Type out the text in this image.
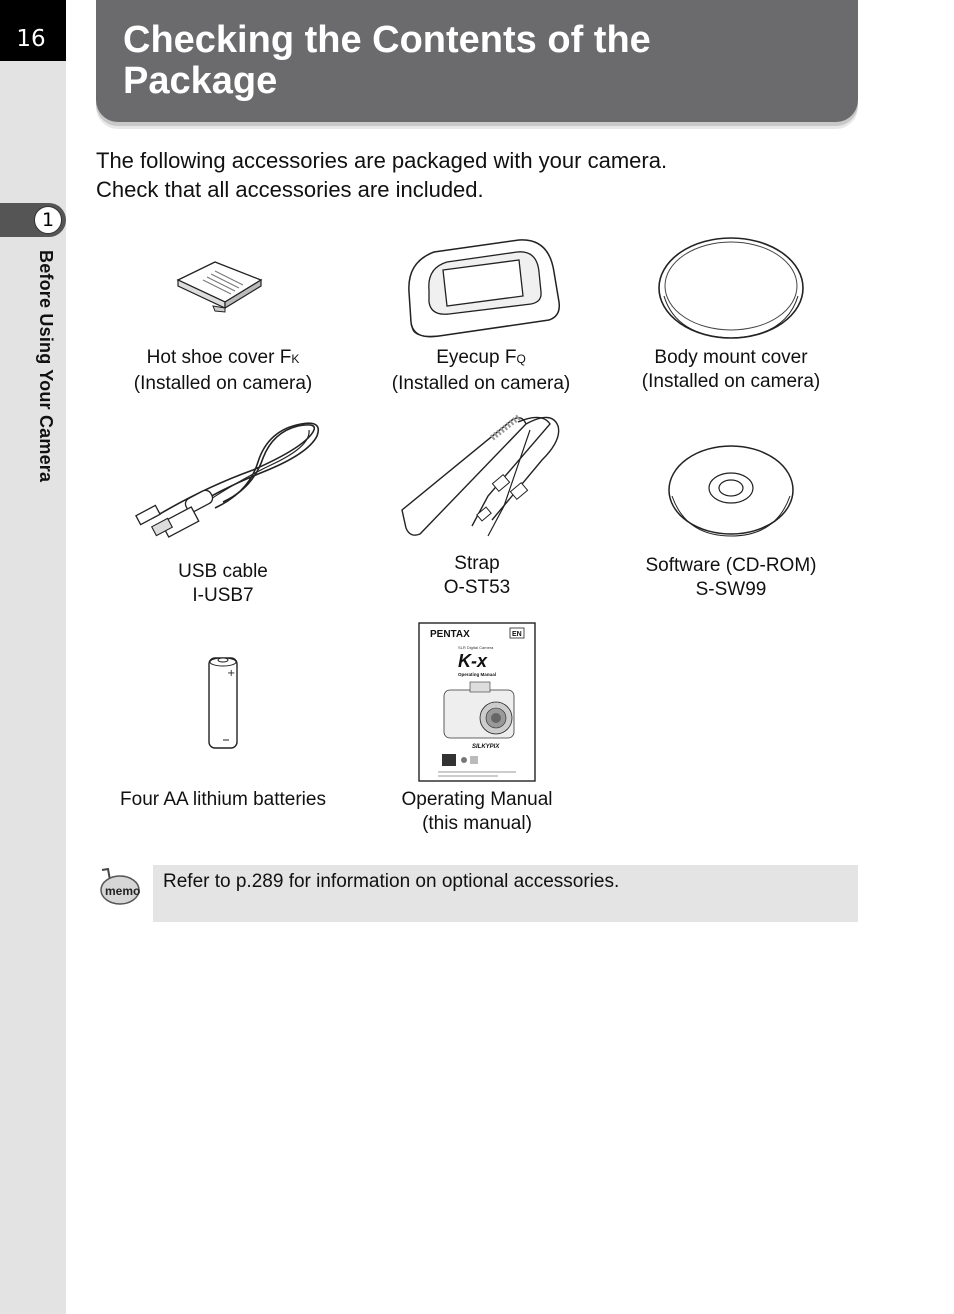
16
1
Before Using Your Camera
Checking the Contents of the
Package
The following accessories are packaged with your camera.
Check that all accessories are included.
Hot shoe cover FK
(Installed on camera)
Eyecup FQ
(Installed on camera)
Body mount cover
(Installed on camera)
USB cable
I-USB7
Strap
O-ST53
Software (CD-ROM)
S-SW99
+
Four AA lithium batteries
PENTAX	EN
SLR Digital Camera
K-x
Operating Manual
SILKYPIX
Operating Manual
(this manual)
memo Refer to p.289 for information on optional accessories.
